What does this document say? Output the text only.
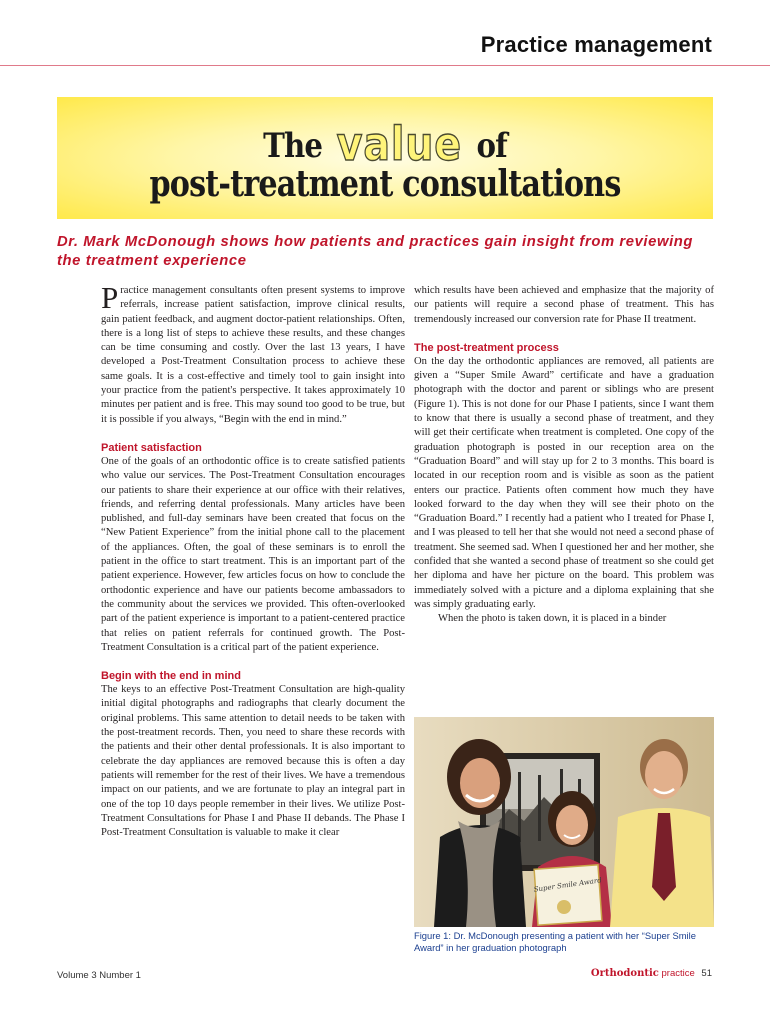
Practice management
The value of
post-treatment consultations
Dr. Mark McDonough shows how patients and practices gain insight from reviewing the treatment experience

Practice management consultants often present systems to improve referrals, increase patient satisfaction, improve clinical results, gain patient feedback, and augment doctor-patient relationships. Often, there is a long list of steps to achieve these results, and these changes can be time consuming and costly. Over the last 13 years, I have developed a Post-Treatment Consultation process to achieve these same goals. It is a cost-effective and timely tool to gain insight into your practice from the patient's perspective. It takes approximately 10 minutes per patient and is free. This may sound too good to be true, but it is possible if you always, “Begin with the end in mind.”

Patient satisfaction

One of the goals of an orthodontic office is to create satisfied patients who value our services. The Post-Treatment Consultation encourages our patients to share their experience at our office with their relatives, friends, and referring dental professionals. Many articles have been published, and full-day seminars have been created that focus on the “New Patient Experience” from the initial phone call to the placement of the appliances. Often, the goal of these seminars is to enroll the patient in the office to start treatment. This is an important part of the patient experience. However, few articles focus on how to conclude the orthodontic experience and have our patients become ambassadors to the community about the services we provided. This often-overlooked part of the patient experience is important to a patient-centered practice that relies on patient referrals for continued growth. The Post-Treatment Consultation is a critical part of the patient experience.

Begin with the end in mind

The keys to an effective Post-Treatment Consultation are high-quality initial digital photographs and radiographs that clearly document the original problems. This same attention to detail needs to be taken with the post-treatment records. Then, you need to share these records with the patients and their other dental professionals. It is also important to celebrate the day appliances are removed because this is often a day patients will remember for the rest of their lives. We have a tremendous impact on our patients, and we are fortunate to play an integral part in one of the top 10 days people remember in their lives. We utilize Post-Treatment Consultations for Phase I and Phase II debands. The Phase I Post-Treatment Consultation is valuable to make it clear

which results have been achieved and emphasize that the majority of our patients will require a second phase of treatment. This has tremendously increased our conversion rate for Phase II treatment.

The post-treatment process

On the day the orthodontic appliances are removed, all patients are given a “Super Smile Award” certificate and have a graduation photograph with the doctor and parent or siblings who are present (Figure 1). This is not done for our Phase I patients, since I want them to know that there is usually a second phase of treatment, and they will get their certificate when treatment is completed. One copy of the graduation photograph is posted in our reception area on the “Graduation Board” and will stay up for 2 to 3 months. This board is located in our reception room and is visible as soon as the patient enters our practice. Patients often comment how much they have looked forward to the day when they will see their photo on the “Graduation Board.” I recently had a patient who I treated for Phase I, and I was pleased to tell her that she would not need a second phase of treatment. She seemed sad. When I questioned her and her mother, she confided that she wanted a second phase of treatment so she could get her diploma and have her picture on the board. This problem was immediately solved with a picture and a diploma explaining that she was simply graduating early.

When the photo is taken down, it is placed in a binder

Super Smile Award
Figure 1: Dr. McDonough presenting a patient with her “Super Smile Award” in her graduation photograph
Volume 3 Number 1	Orthodontic practice 51
